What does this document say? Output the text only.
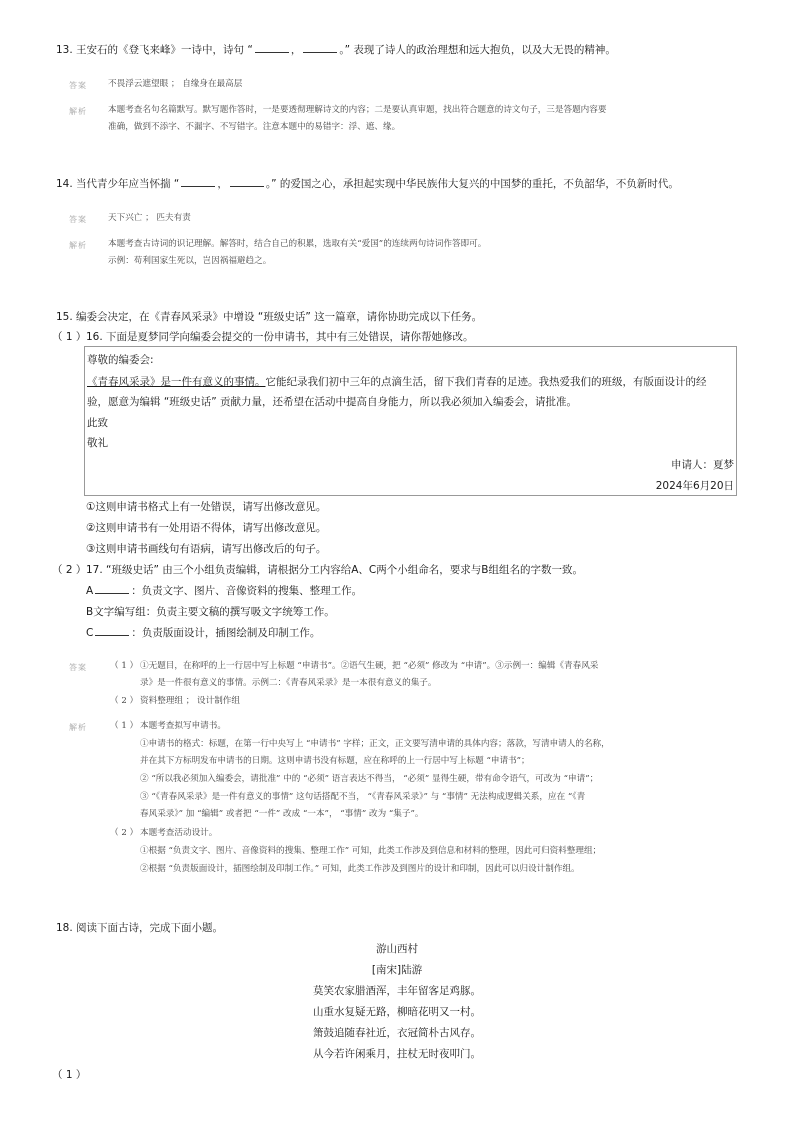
13. 王安石的《登飞来峰》一诗中，诗句 “	，	。” 表现了诗人的政治理想和远大抱负，以及大无畏的精神。
答案 不畏浮云遮望眼 ； 自缘身在最高层
解析 本题考查名句名篇默写。默写题作答时，一是要透彻理解诗文的内容；二是要认真审题，找出符合题意的诗文句子，三是答题内容要
准确，做到不添字、不漏字、不写错字。注意本题中的易错字：浮、遮、缘。
14. 当代青少年应当怀揣 “	，	。” 的爱国之心，承担起实现中华民族伟大复兴的中国梦的重托，不负韶华，不负新时代。
答案 天下兴亡 ； 匹夫有责
解析 本题考查古诗词的识记理解。解答时，结合自己的积累，选取有关“爱国”的连续两句诗词作答即可。
示例：苟利国家生死以，岂因祸福避趋之。
15. 编委会决定，在《青春风采录》中增设 “班级史话” 这一篇章，请你协助完成以下任务。
（ 1 ） 16. 下面是夏梦同学向编委会提交的一份申请书，其中有三处错误，请你帮她修改。
尊敬的编委会:
《青春风采录》是一件有意义的事情。它能纪录我们初中三年的点滴生活，留下我们青春的足迹。我热爱我们的班级，有版面设计的经
验，愿意为编辑 “班级史话” 贡献力量，还希望在活动中提高自身能力，所以我必须加入编委会，请批准。
此致
敬礼
申请人：夏梦
2024年6月20日
①这则申请书格式上有一处错误，请写出修改意见。
②这则申请书有一处用语不得体，请写出修改意见。
③这则申请书画线句有语病，请写出修改后的句子。
（ 2 ） 17. “班级史话” 由三个小组负责编辑，请根据分工内容给A、C两个小组命名，要求与B组组名的字数一致。
A	：负责文字、图片、音像资料的搜集、整理工作。
B文字编写组：负责主要文稿的撰写吸文字统筹工作。
C	：负责版面设计，插图绘制及印制工作。
答案	（ 1 ） ①无题目，在称呼的上一行居中写上标题 “申请书”。②语气生硬，把 “必须” 修改为 “申请”。③示例一：编辑《青春风采
录》是一件很有意义的事情。示例二：《青春风采录》是一本很有意义的集子。
（ 2 ） 资料整理组 ； 设计制作组
解析	（ 1 ） 本题考查拟写申请书。
①申请书的格式：标题，在第一行中央写上 “申请书” 字样；正文，正文要写清申请的具体内容；落款，写清申请人的名称，
并在其下方标明发布申请书的日期。这则申请书没有标题，应在称呼的上一行居中写上标题 “申请书”；
② “所以我必须加入编委会，请批准” 中的 “必须” 语言表达不得当， “必须” 显得生硬，带有命令语气，可改为 “申请”；
③ “《青春风采录》是一件有意义的事情” 这句话搭配不当， “《青春风采录》” 与 “事情” 无法构成逻辑关系，应在 “《青
春风采录》” 加 “编辑” 或者把 “一件” 改成 “一本”， “事情” 改为 “集子”。
（ 2 ） 本题考查活动设计。
①根据 “负责文字、图片、音像资料的搜集、整理工作” 可知，此类工作涉及到信息和材料的整理，因此可归资料整理组；
②根据 “负责版面设计，插图绘制及印制工作。” 可知，此类工作涉及到图片的设计和印制，因此可以归设计制作组。
18. 阅读下面古诗，完成下面小题。
游山西村
[南宋]陆游
莫笑农家腊酒浑，丰年留客足鸡豚。
山重水复疑无路，柳暗花明又一村。
箫鼓追随春社近，衣冠简朴古风存。
从今若许闲乘月，拄杖无时夜叩门。
（ 1 ）
